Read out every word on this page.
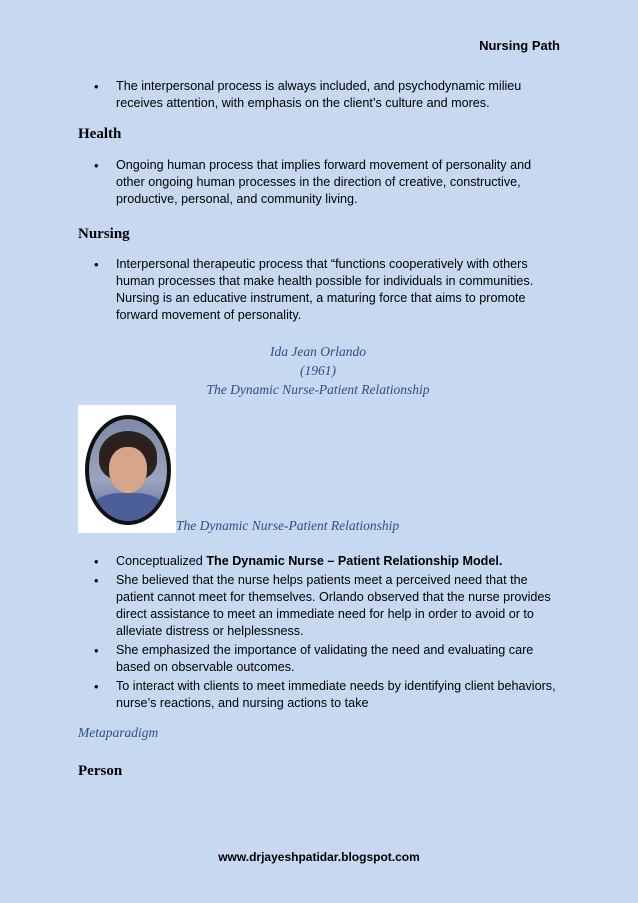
Nursing Path
• The interpersonal process is always included, and psychodynamic milieu receives attention, with emphasis on the client’s culture and mores.
Health
• Ongoing human process that implies forward movement of personality and other ongoing human processes in the direction of creative, constructive, productive, personal, and community living.
Nursing
• Interpersonal therapeutic process that “functions cooperatively with others human processes that make health possible for individuals in communities. Nursing is an educative instrument, a maturing force that aims to promote forward movement of personality.
Ida Jean Orlando
(1961)
The Dynamic Nurse-Patient Relationship
The Dynamic Nurse-Patient Relationship
• Conceptualized The Dynamic Nurse – Patient Relationship Model.
• She believed that the nurse helps patients meet a perceived need that the patient cannot meet for themselves. Orlando observed that the nurse provides direct assistance to meet an immediate need for help in order to avoid or to alleviate distress or helplessness.
• She emphasized the importance of validating the need and evaluating care based on observable outcomes.
• To interact with clients to meet immediate needs by identifying client behaviors, nurse’s reactions, and nursing actions to take
Metaparadigm
Person
www.drjayeshpatidar.blogspot.com
